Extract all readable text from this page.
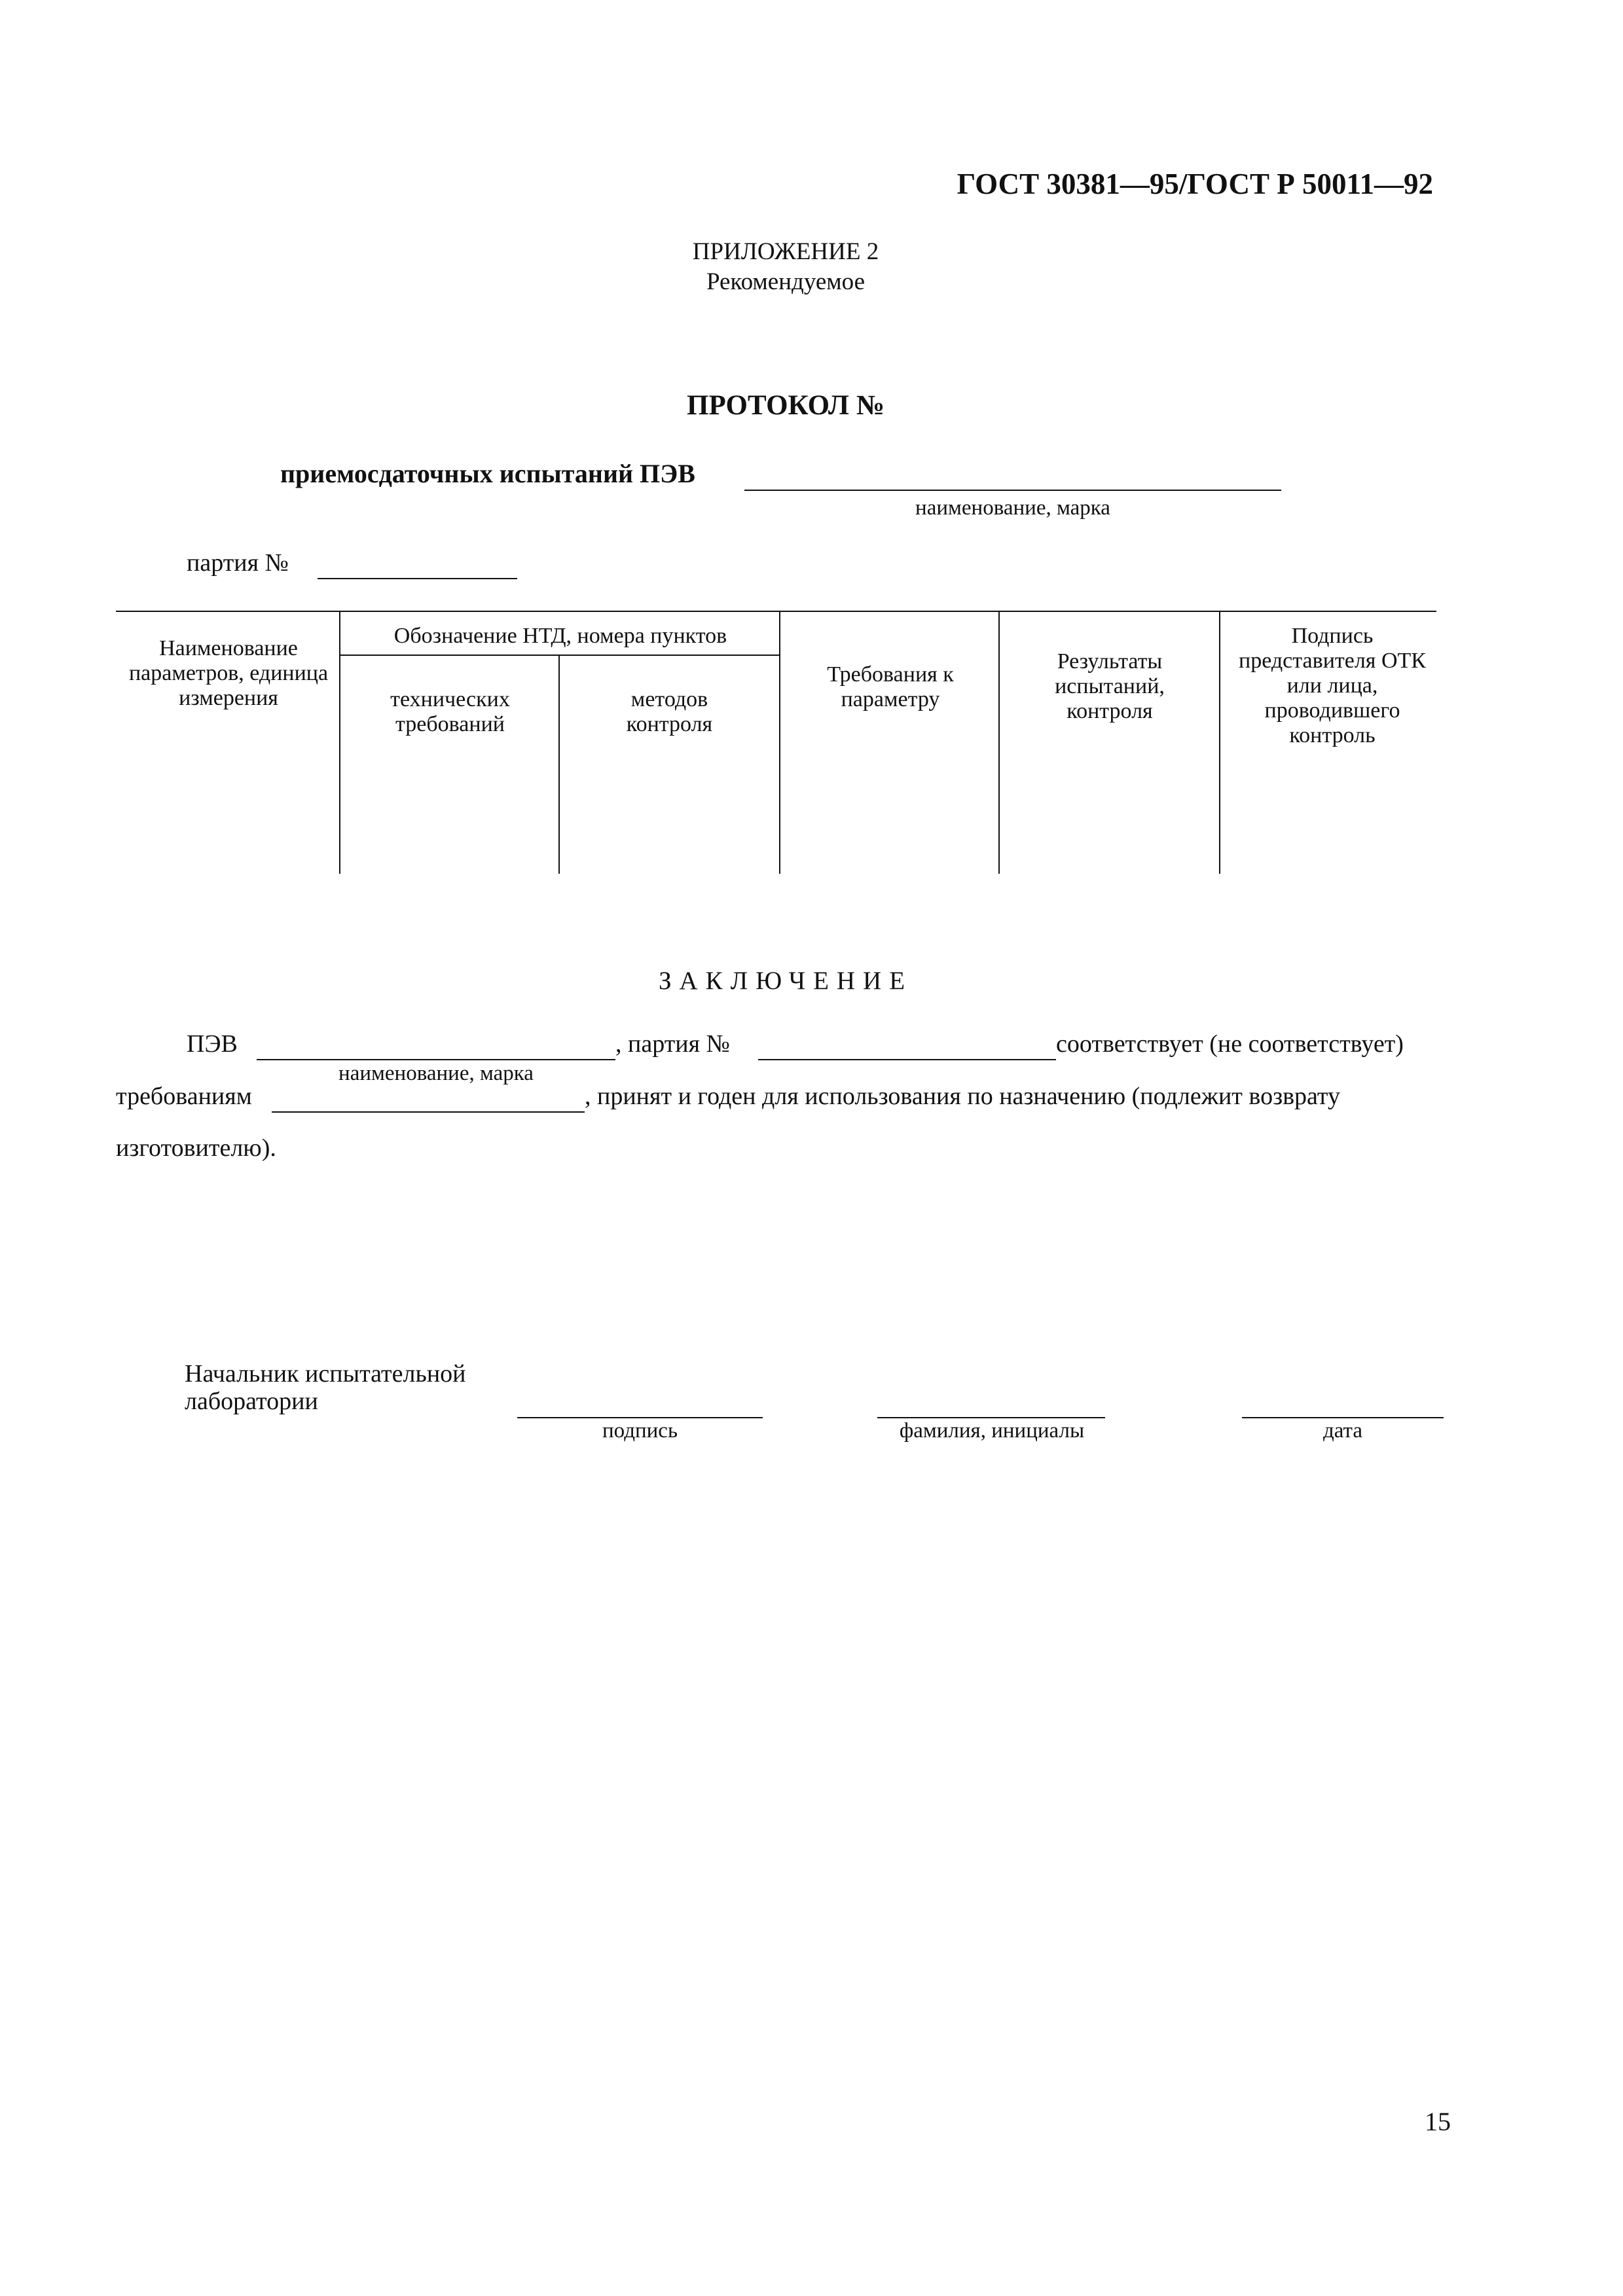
ГОСТ 30381—95/ГОСТ Р 50011—92
ПРИЛОЖЕНИЕ 2
Рекомендуемое
ПРОТОКОЛ №
приемосдаточных испытаний ПЭВ
наименование, марка
партия №
Наименование параметров, единица измерения
Обозначение НТД, номера пунктов
технических требований
методов контроля
Требования к параметру
Результаты испытаний, контроля
Подпись представителя ОТК или лица, проводившего контроль
ЗАКЛЮЧЕНИЕ
ПЭВ
наименование, марка
, партия №	соответствует (не соответствует)
требованиям	, принят и годен для использования по назначению (подлежит возврату
изготовителю).
Начальник испытательной лаборатории
подпись	фамилия, инициалы	дата
15
